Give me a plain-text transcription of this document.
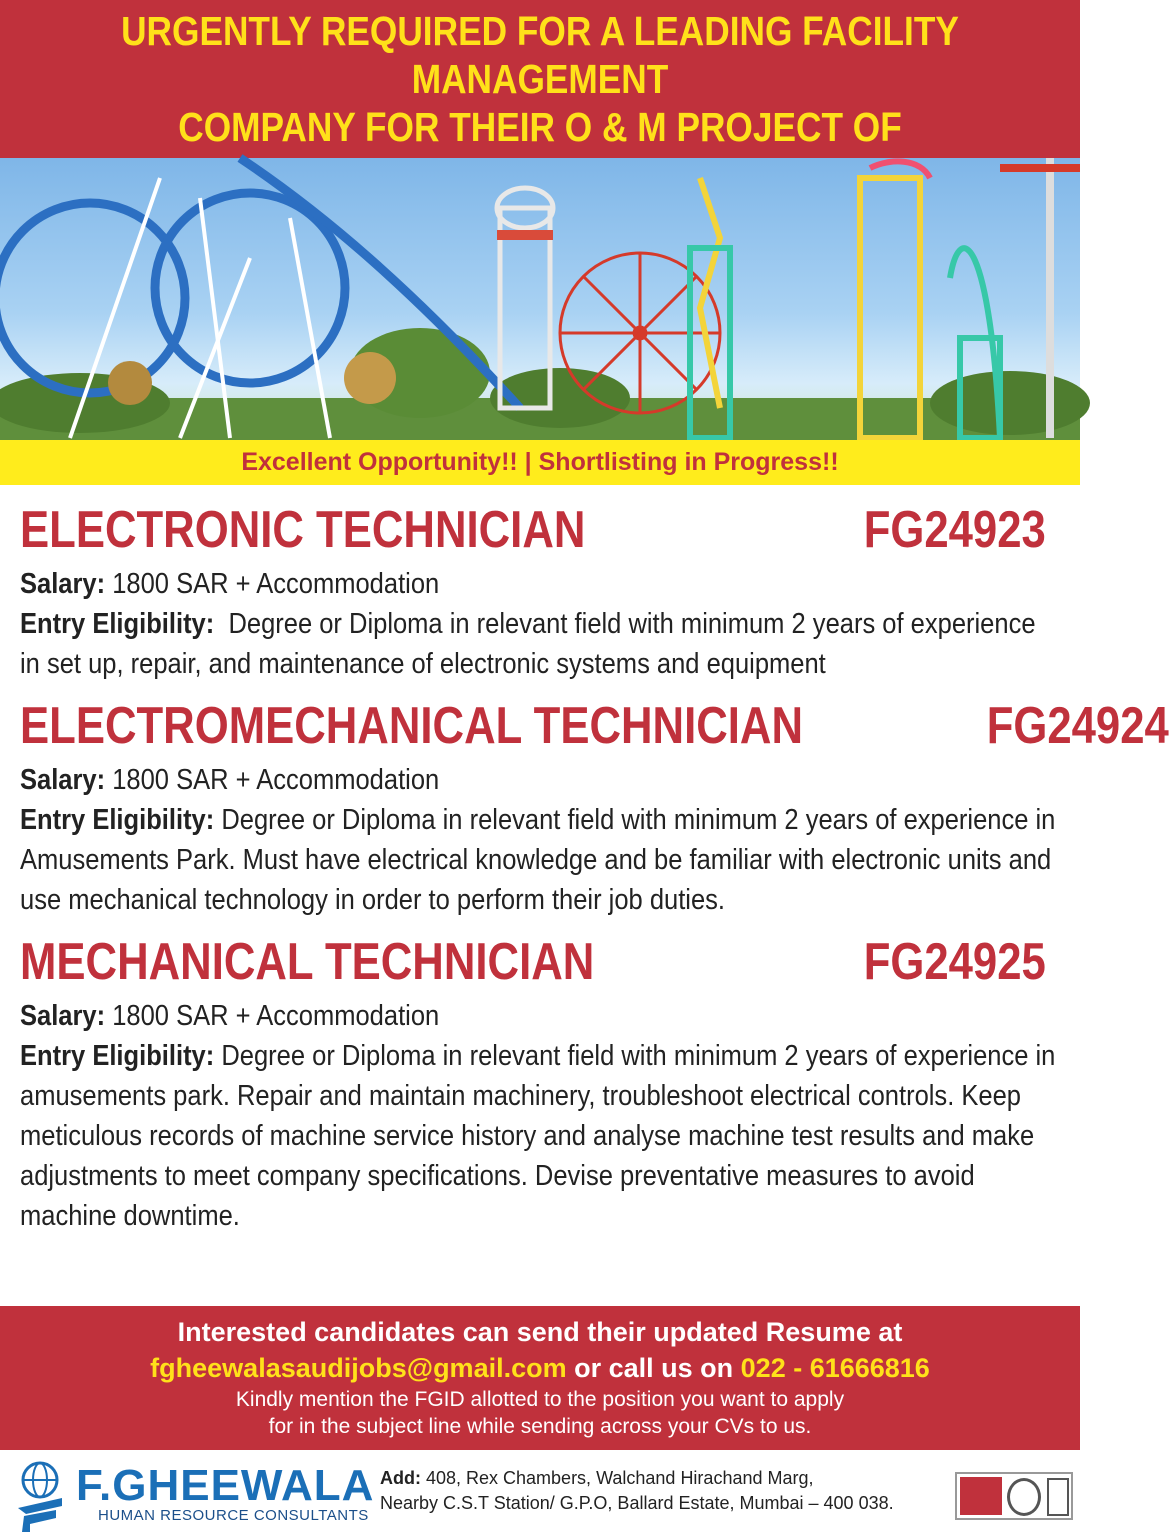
URGENTLY REQUIRED FOR A LEADING FACILITY MANAGEMENT
COMPANY FOR THEIR O & M PROJECT OF
Excellent Opportunity!! | Shortlisting in Progress!!
ELECTRONIC TECHNICIAN	FG24923
Salary: 1800 SAR + Accommodation
Entry Eligibility: Degree or Diploma in relevant field with minimum 2 years of experience in set up, repair, and maintenance of electronic systems and equipment
ELECTROMECHANICAL TECHNICIAN	FG24924
Salary: 1800 SAR + Accommodation
Entry Eligibility: Degree or Diploma in relevant field with minimum 2 years of experience in Amusements Park. Must have electrical knowledge and be familiar with electronic units and use mechanical technology in order to perform their job duties.
MECHANICAL TECHNICIAN	FG24925
Salary: 1800 SAR + Accommodation
Entry Eligibility: Degree or Diploma in relevant field with minimum 2 years of experience in amusements park. Repair and maintain machinery, troubleshoot electrical controls. Keep meticulous records of machine service history and analyse machine test results and make adjustments to meet company specifications. Devise preventative measures to avoid machine downtime.
Interested candidates can send their updated Resume at
fgheewalasaudijobs@gmail.com or call us on 022 - 61666816
Kindly mention the FGID allotted to the position you want to apply
for in the subject line while sending across your CVs to us.
F.GHEEWALA
HUMAN RESOURCE CONSULTANTS
Add: 408, Rex Chambers, Walchand Hirachand Marg,
Nearby C.S.T Station/ G.P.O, Ballard Estate, Mumbai – 400 038.
